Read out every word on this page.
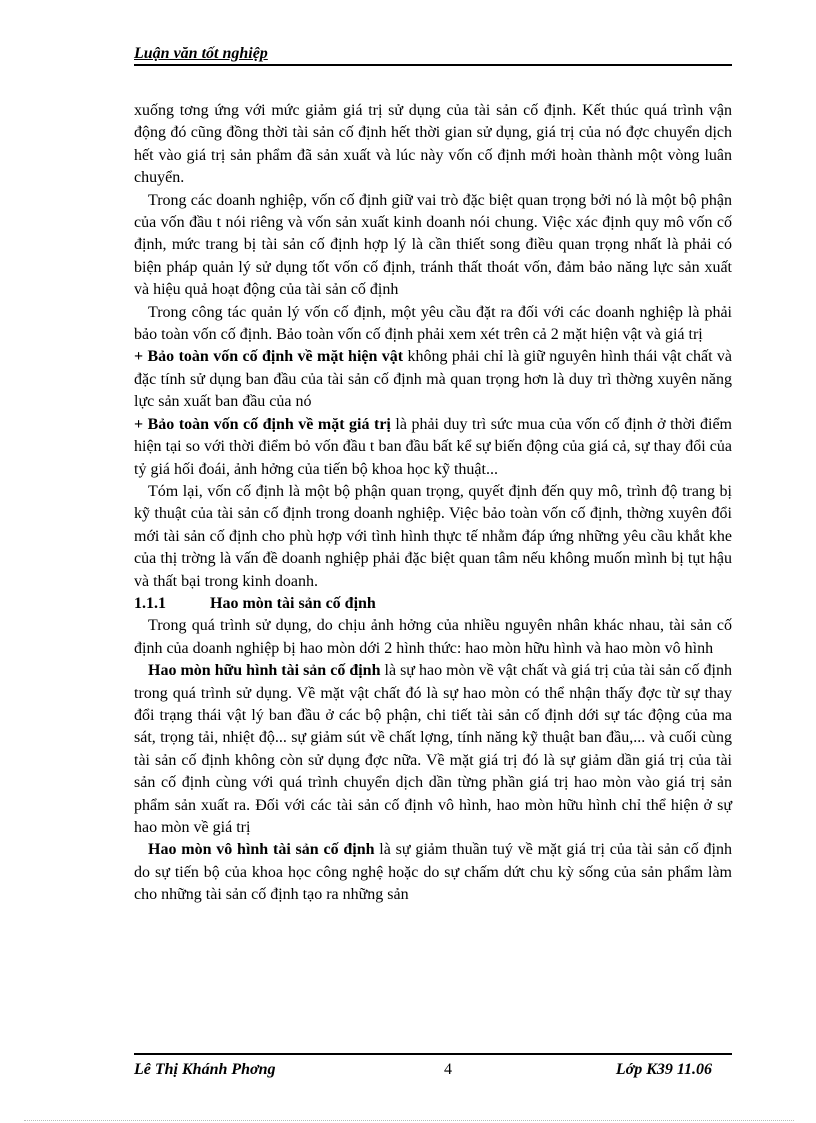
Luận văn tốt nghiệp

xuống tơng ứng với mức giảm giá trị sử dụng của tài sản cố định. Kết thúc quá trình vận động đó cũng đồng thời tài sản cố định hết thời gian sử dụng, giá trị của nó đợc chuyển dịch hết vào giá trị sản phẩm đã sản xuất và lúc này vốn cố định mới hoàn thành một vòng luân chuyển.

Trong các doanh nghiệp, vốn cố định giữ vai trò đặc biệt quan trọng bởi nó là một bộ phận của vốn đầu t nói riêng và vốn sản xuất kinh doanh nói chung. Việc xác định quy mô vốn cố định, mức trang bị tài sản cố định hợp lý là cần thiết song điều quan trọng nhất là phải có biện pháp quản lý sử dụng tốt vốn cố định, tránh thất thoát vốn, đảm bảo năng lực sản xuất và hiệu quả hoạt động của tài sản cố định

Trong công tác quản lý vốn cố định, một yêu cầu đặt ra đối với các doanh nghiệp là phải bảo toàn vốn cố định. Bảo toàn vốn cố định phải xem xét trên cả 2 mặt hiện vật và giá trị

+ Bảo toàn vốn cố định về mặt hiện vật không phải chỉ là giữ nguyên hình thái vật chất và đặc tính sử dụng ban đầu của tài sản cố định mà quan trọng hơn là duy trì thờng xuyên năng lực sản xuất ban đầu của nó

+ Bảo toàn vốn cố định về mặt giá trị là phải duy trì sức mua của vốn cố định ở thời điểm hiện tại so với thời điểm bỏ vốn đầu t ban đầu bất kể sự biến động của giá cả, sự thay đổi của tỷ giá hối đoái, ảnh hởng của tiến bộ khoa học kỹ thuật...

Tóm lại, vốn cố định là một bộ phận quan trọng, quyết định đến quy mô, trình độ trang bị kỹ thuật của tài sản cố định trong doanh nghiệp. Việc bảo toàn vốn cố định, thờng xuyên đổi mới tài sản cố định cho phù hợp với tình hình thực tế nhằm đáp ứng những yêu cầu khắt khe của thị trờng là vấn đề doanh nghiệp phải đặc biệt quan tâm nếu không muốn mình bị tụt hậu và thất bại trong kinh doanh.

1.1.1	Hao mòn tài sản cố định

Trong quá trình sử dụng, do chịu ảnh hởng của nhiều nguyên nhân khác nhau, tài sản cố định của doanh nghiệp bị hao mòn dới 2 hình thức: hao mòn hữu hình và hao mòn vô hình

Hao mòn hữu hình tài sản cố định là sự hao mòn về vật chất và giá trị của tài sản cố định trong quá trình sử dụng. Về mặt vật chất đó là sự hao mòn có thể nhận thấy đợc từ sự thay đổi trạng thái vật lý ban đầu ở các bộ phận, chi tiết tài sản cố định dới sự tác động của ma sát, trọng tải, nhiệt độ... sự giảm sút về chất lợng, tính năng kỹ thuật ban đầu,... và cuối cùng tài sản cố định không còn sử dụng đợc nữa. Về mặt giá trị đó là sự giảm dần giá trị của tài sản cố định cùng với quá trình chuyển dịch dần từng phần giá trị hao mòn vào giá trị sản phẩm sản xuất ra. Đối với các tài sản cố định vô hình, hao mòn hữu hình chỉ thể hiện ở sự hao mòn về giá trị

Hao mòn vô hình tài sản cố định là sự giảm thuần tuý về mặt giá trị của tài sản cố định do sự tiến bộ của khoa học công nghệ hoặc do sự chấm dứt chu kỳ sống của sản phẩm làm cho những tài sản cố định tạo ra những sản

Lê Thị Khánh Phơng	4	Lớp K39 11.06
